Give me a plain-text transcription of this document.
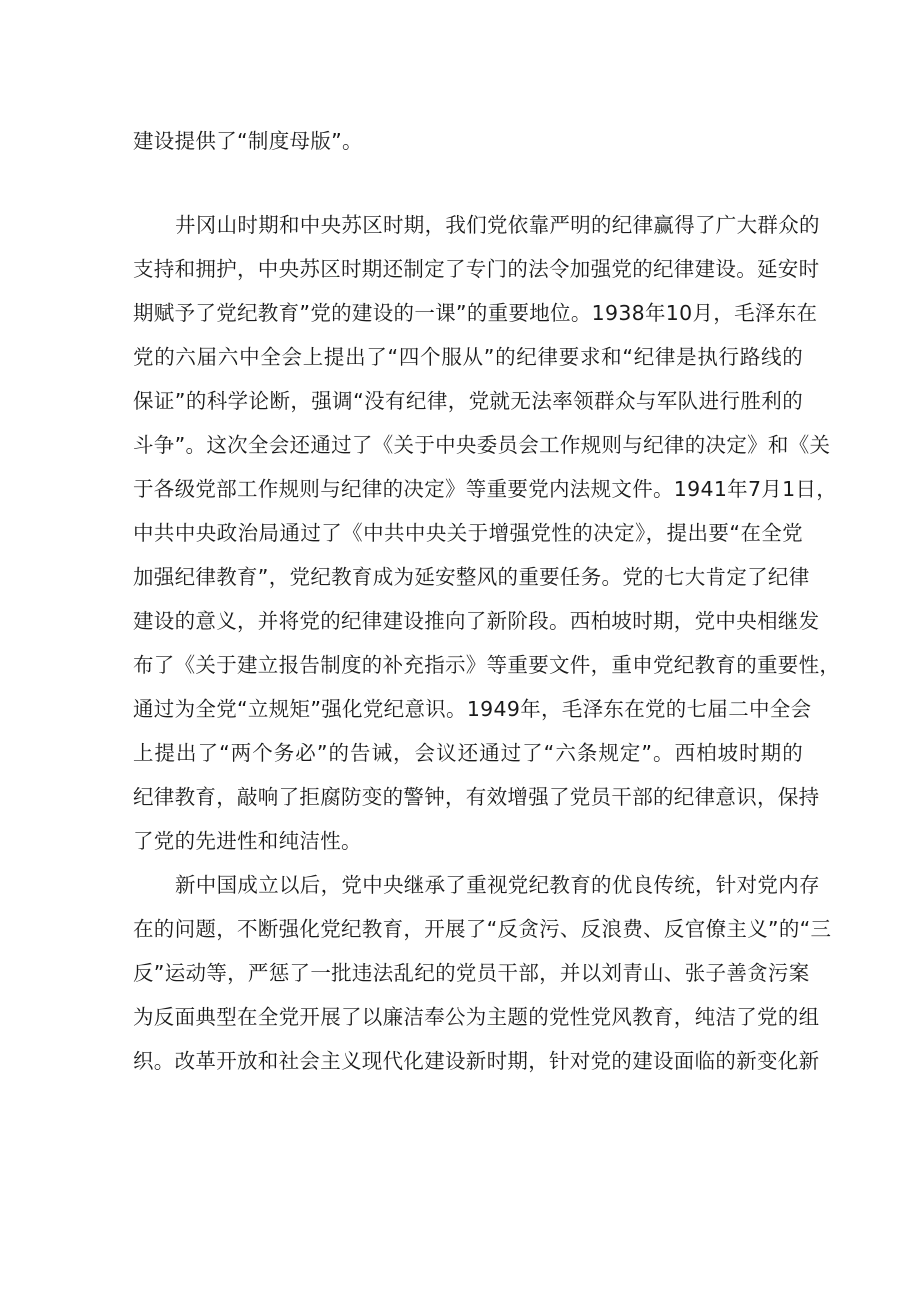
建设提供了“制度母版”。
井冈山时期和中央苏区时期，我们党依靠严明的纪律赢得了广大群众的
支持和拥护，中央苏区时期还制定了专门的法令加强党的纪律建设。延安时
期赋予了党纪教育”党的建设的一课”的重要地位。1938年10月，毛泽东在
党的六届六中全会上提出了“四个服从”的纪律要求和“纪律是执行路线的
保证”的科学论断，强调“没有纪律，党就无法率领群众与军队进行胜利的
斗争”。这次全会还通过了《关于中央委员会工作规则与纪律的决定》和《关
于各级党部工作规则与纪律的决定》等重要党内法规文件。1941年7月1日，
中共中央政治局通过了《中共中央关于增强党性的决定》，提出要“在全党
加强纪律教育”，党纪教育成为延安整风的重要任务。党的七大肯定了纪律
建设的意义，并将党的纪律建设推向了新阶段。西柏坡时期，党中央相继发
布了《关于建立报告制度的补充指示》等重要文件，重申党纪教育的重要性，
通过为全党“立规矩”强化党纪意识。1949年，毛泽东在党的七届二中全会
上提出了“两个务必”的告诫，会议还通过了“六条规定”。西柏坡时期的
纪律教育，敲响了拒腐防变的警钟，有效增强了党员干部的纪律意识，保持
了党的先进性和纯洁性。
新中国成立以后，党中央继承了重视党纪教育的优良传统，针对党内存
在的问题，不断强化党纪教育，开展了“反贪污、反浪费、反官僚主义”的“三
反”运动等，严惩了一批违法乱纪的党员干部，并以刘青山、张子善贪污案
为反面典型在全党开展了以廉洁奉公为主题的党性党风教育，纯洁了党的组
织。改革开放和社会主义现代化建设新时期，针对党的建设面临的新变化新
